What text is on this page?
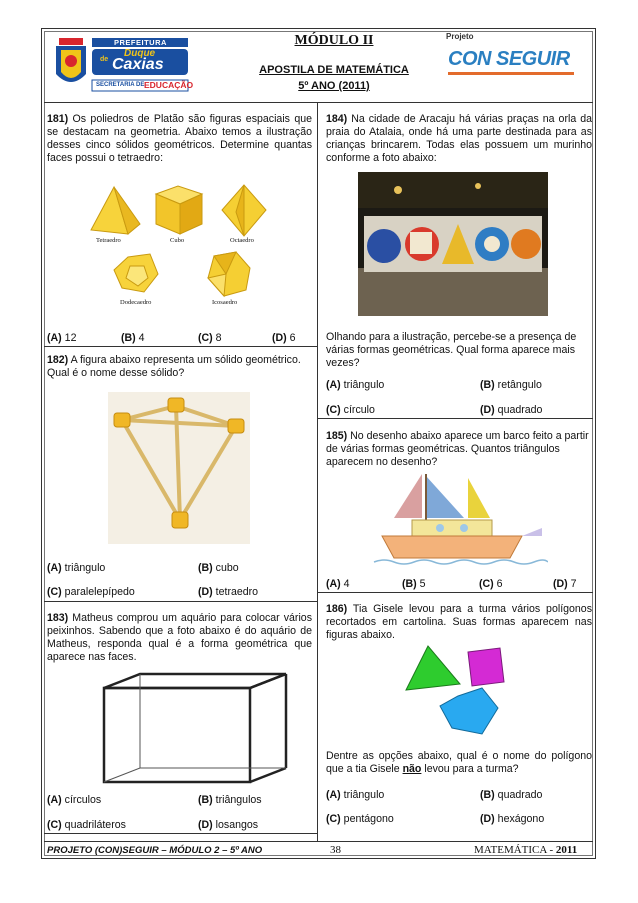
PREFEITURA
Duque
de Caxias
SECRETARIA DE EDUCAÇÃO
MÓDULO II
APOSTILA DE MATEMÁTICA
5º ANO (2011)
Projeto
CON SEGUIR
181) Os poliedros de Platão são figuras espaciais que se destacam na geometria. Abaixo temos a ilustração desses cinco sólidos geométricos. Determine quantas faces possui o tetraedro:
Tetraedro	Cubo	Octaedro
Dodecaedro	Icosaedro
(A) 12	(B) 4	(C) 8	(D) 6
182) A figura abaixo representa um sólido geométrico. Qual é o nome desse sólido?
(A) triângulo	(B) cubo
(C) paralelepípedo	(D) tetraedro
183) Matheus comprou um aquário para colocar vários peixinhos. Sabendo que a foto abaixo é do aquário de Matheus, responda qual é a forma geométrica que aparece nas faces.
(A) círculos	(B) triângulos
(C) quadriláteros	(D) losangos
184) Na cidade de Aracaju há várias praças na orla da praia do Atalaia, onde há uma parte destinada para as crianças brincarem. Todas elas possuem um murinho conforme a foto abaixo:
Olhando para a ilustração, percebe-se a presença de várias formas geométricas. Qual forma aparece mais vezes?
(A) triângulo	(B) retângulo
(C) círculo	(D) quadrado
185) No desenho abaixo aparece um barco feito a partir de várias formas geométricas. Quantos triângulos aparecem no desenho?
(A) 4	(B) 5	(C) 6	(D) 7
186) Tia Gisele levou para a turma vários polígonos recortados em cartolina. Suas formas aparecem nas figuras abaixo.
Dentre as opções abaixo, qual é o nome do polígono que a tia Gisele não levou para a turma?
(A) triângulo	(B) quadrado
(C) pentágono	(D) hexágono
PROJETO (CON)SEGUIR – MÓDULO 2 – 5º ANO	38	MATEMÁTICA - 2011
